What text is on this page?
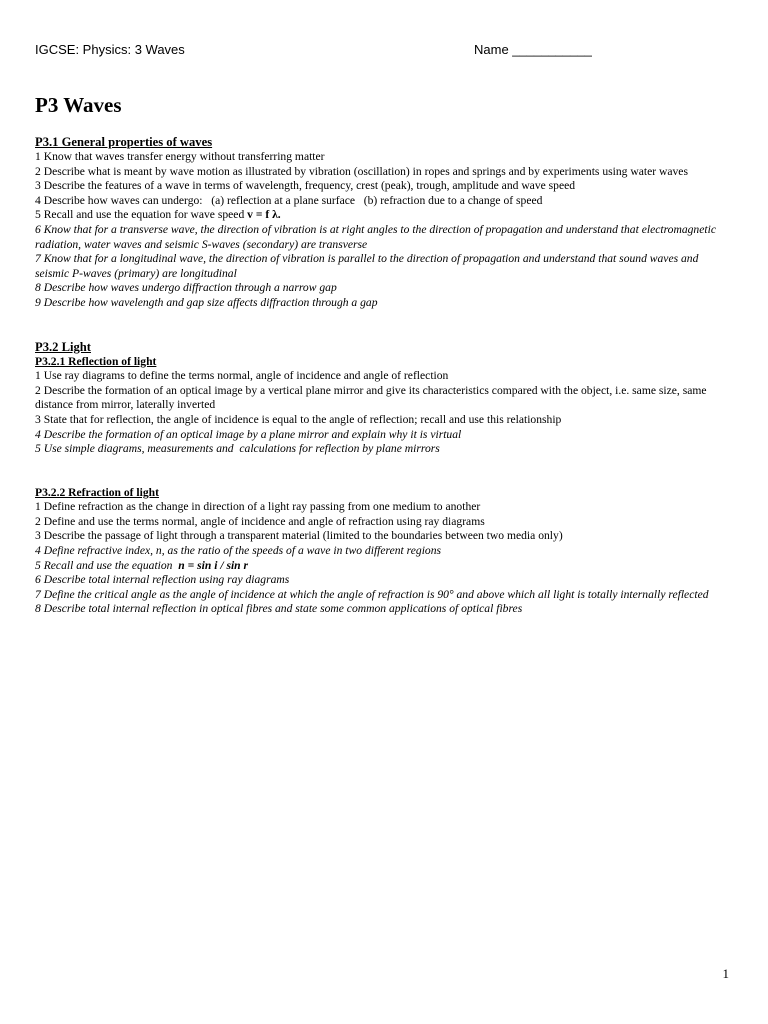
IGCSE: Physics: 3 Waves	Name ___________
P3 Waves
P3.1 General properties of waves

1 Know that waves transfer energy without transferring matter

2 Describe what is meant by wave motion as illustrated by vibration (oscillation) in ropes and springs and by experiments using water waves

3 Describe the features of a wave in terms of wavelength, frequency, crest (peak), trough, amplitude and wave speed

4 Describe how waves can undergo:   (a) reflection at a plane surface   (b) refraction due to a change of speed

5 Recall and use the equation for wave speed v = f λ.

6 Know that for a transverse wave, the direction of vibration is at right angles to the direction of propagation and understand that electromagnetic radiation, water waves and seismic S-waves (secondary) are transverse

7 Know that for a longitudinal wave, the direction of vibration is parallel to the direction of propagation and understand that sound waves and seismic P-waves (primary) are longitudinal

8 Describe how waves undergo diffraction through a narrow gap

9 Describe how wavelength and gap size affects diffraction through a gap

P3.2 Light
P3.2.1 Reflection of light

1 Use ray diagrams to define the terms normal, angle of incidence and angle of reflection

2 Describe the formation of an optical image by a vertical plane mirror and give its characteristics compared with the object, i.e. same size, same distance from mirror, laterally inverted

3 State that for reflection, the angle of incidence is equal to the angle of reflection; recall and use this relationship

4 Describe the formation of an optical image by a plane mirror and explain why it is virtual

5 Use simple diagrams, measurements and  calculations for reflection by plane mirrors

P3.2.2 Refraction of light

1 Define refraction as the change in direction of a light ray passing from one medium to another

2 Define and use the terms normal, angle of incidence and angle of refraction using ray diagrams

3 Describe the passage of light through a transparent material (limited to the boundaries between two media only)

4 Define refractive index, n, as the ratio of the speeds of a wave in two different regions

5 Recall and use the equation  n = sin i / sin r

6 Describe total internal reflection using ray diagrams

7 Define the critical angle as the angle of incidence at which the angle of refraction is 90° and above which all light is totally internally reflected

8 Describe total internal reflection in optical fibres and state some common applications of optical fibres

1
